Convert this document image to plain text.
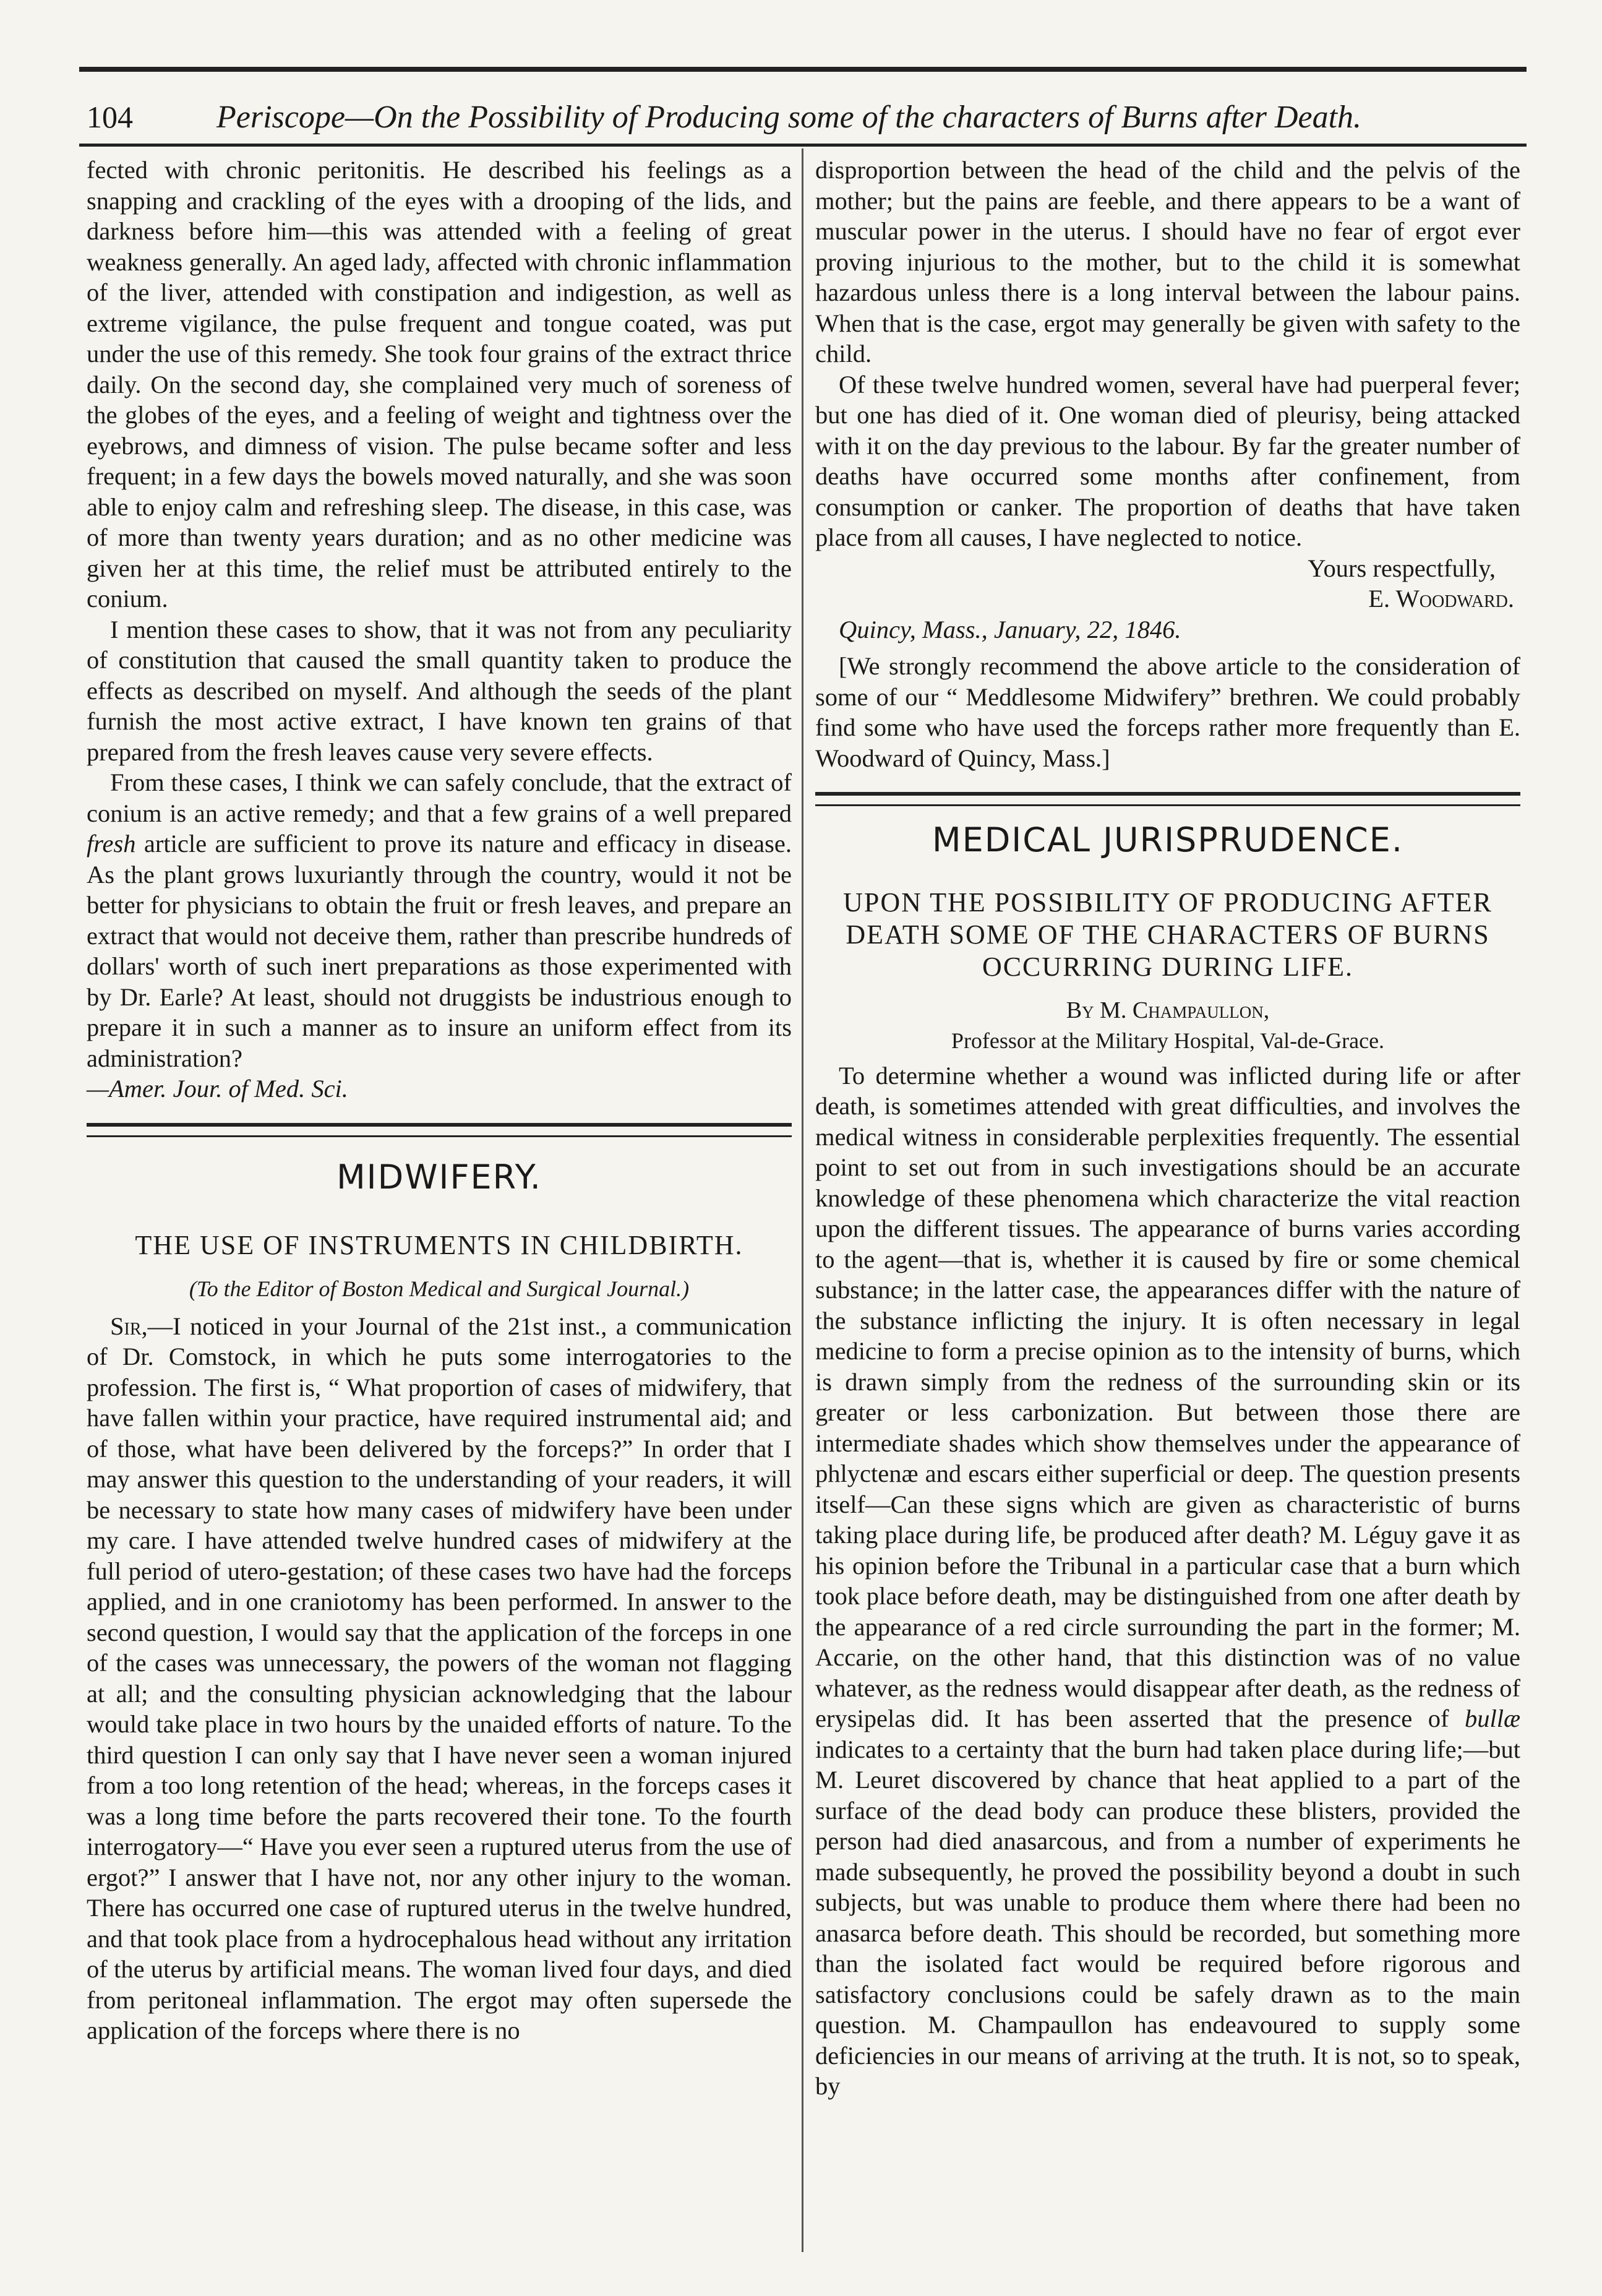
104	Periscope—On the Possibility of Producing some of the characters of Burns after Death.

fected with chronic peritonitis. He described his feelings as a snapping and crackling of the eyes with a drooping of the lids, and darkness before him—this was attended with a feeling of great weakness generally. An aged lady, affected with chronic inflammation of the liver, attended with constipation and indigestion, as well as extreme vigilance, the pulse frequent and tongue coated, was put under the use of this remedy. She took four grains of the extract thrice daily. On the second day, she complained very much of soreness of the globes of the eyes, and a feeling of weight and tightness over the eyebrows, and dimness of vision. The pulse became softer and less frequent; in a few days the bowels moved naturally, and she was soon able to enjoy calm and refreshing sleep. The disease, in this case, was of more than twenty years duration; and as no other medicine was given her at this time, the relief must be attributed entirely to the conium.

I mention these cases to show, that it was not from any peculiarity of constitution that caused the small quantity taken to produce the effects as described on myself. And although the seeds of the plant furnish the most active extract, I have known ten grains of that prepared from the fresh leaves cause very severe effects.

From these cases, I think we can safely conclude, that the extract of conium is an active remedy; and that a few grains of a well prepared fresh article are sufficient to prove its nature and efficacy in disease. As the plant grows luxuriantly through the country, would it not be better for physicians to obtain the fruit or fresh leaves, and prepare an extract that would not deceive them, rather than prescribe hundreds of dollars' worth of such inert preparations as those experimented with by Dr. Earle? At least, should not druggists be industrious enough to prepare it in such a manner as to insure an uniform effect from its administration?

—Amer. Jour. of Med. Sci.

MIDWIFERY.
THE USE OF INSTRUMENTS IN CHILDBIRTH.
(To the Editor of Boston Medical and Surgical Journal.)

Sir,—I noticed in your Journal of the 21st inst., a communication of Dr. Comstock, in which he puts some interrogatories to the profession. The first is, “ What proportion of cases of midwifery, that have fallen within your practice, have required instrumental aid; and of those, what have been delivered by the forceps?” In order that I may answer this question to the understanding of your readers, it will be necessary to state how many cases of midwifery have been under my care. I have attended twelve hundred cases of midwifery at the full period of utero-gestation; of these cases two have had the forceps applied, and in one craniotomy has been performed. In answer to the second question, I would say that the application of the forceps in one of the cases was unnecessary, the powers of the woman not flagging at all; and the consulting physician acknowledging that the labour would take place in two hours by the unaided efforts of nature. To the third question I can only say that I have never seen a woman injured from a too long retention of the head; whereas, in the forceps cases it was a long time before the parts recovered their tone. To the fourth interrogatory—“ Have you ever seen a ruptured uterus from the use of ergot?” I answer that I have not, nor any other injury to the woman. There has occurred one case of ruptured uterus in the twelve hundred, and that took place from a hydrocephalous head without any irritation of the uterus by artificial means. The woman lived four days, and died from peritoneal inflammation. The ergot may often supersede the application of the forceps where there is no

disproportion between the head of the child and the pelvis of the mother; but the pains are feeble, and there appears to be a want of muscular power in the uterus. I should have no fear of ergot ever proving injurious to the mother, but to the child it is somewhat hazardous unless there is a long interval between the labour pains. When that is the case, ergot may generally be given with safety to the child.

Of these twelve hundred women, several have had puerperal fever; but one has died of it. One woman died of pleurisy, being attacked with it on the day previous to the labour. By far the greater number of deaths have occurred some months after confinement, from consumption or canker. The proportion of deaths that have taken place from all causes, I have neglected to notice.

Yours respectfully,

E. Woodward.

Quincy, Mass., January, 22, 1846.

[We strongly recommend the above article to the consideration of some of our “ Meddlesome Midwifery” brethren. We could probably find some who have used the forceps rather more frequently than E. Woodward of Quincy, Mass.]

MEDICAL JURISPRUDENCE.
UPON THE POSSIBILITY OF PRODUCING AFTER DEATH SOME OF THE CHARACTERS OF BURNS OCCURRING DURING LIFE.
By M. Champaullon,
Professor at the Military Hospital, Val-de-Grace.

To determine whether a wound was inflicted during life or after death, is sometimes attended with great difficulties, and involves the medical witness in considerable perplexities frequently. The essential point to set out from in such investigations should be an accurate knowledge of these phenomena which characterize the vital reaction upon the different tissues. The appearance of burns varies according to the agent—that is, whether it is caused by fire or some chemical substance; in the latter case, the appearances differ with the nature of the substance inflicting the injury. It is often necessary in legal medicine to form a precise opinion as to the intensity of burns, which is drawn simply from the redness of the surrounding skin or its greater or less carbonization. But between those there are intermediate shades which show themselves under the appearance of phlyctenæ and escars either superficial or deep. The question presents itself—Can these signs which are given as characteristic of burns taking place during life, be produced after death? M. Léguy gave it as his opinion before the Tribunal in a particular case that a burn which took place before death, may be distinguished from one after death by the appearance of a red circle surrounding the part in the former; M. Accarie, on the other hand, that this distinction was of no value whatever, as the redness would disappear after death, as the redness of erysipelas did. It has been asserted that the presence of bullæ indicates to a certainty that the burn had taken place during life;—but M. Leuret discovered by chance that heat applied to a part of the surface of the dead body can produce these blisters, provided the person had died anasarcous, and from a number of experiments he made subsequently, he proved the possibility beyond a doubt in such subjects, but was unable to produce them where there had been no anasarca before death. This should be recorded, but something more than the isolated fact would be required before rigorous and satisfactory conclusions could be safely drawn as to the main question. M. Champaullon has endeavoured to supply some deficiencies in our means of arriving at the truth. It is not, so to speak, by
